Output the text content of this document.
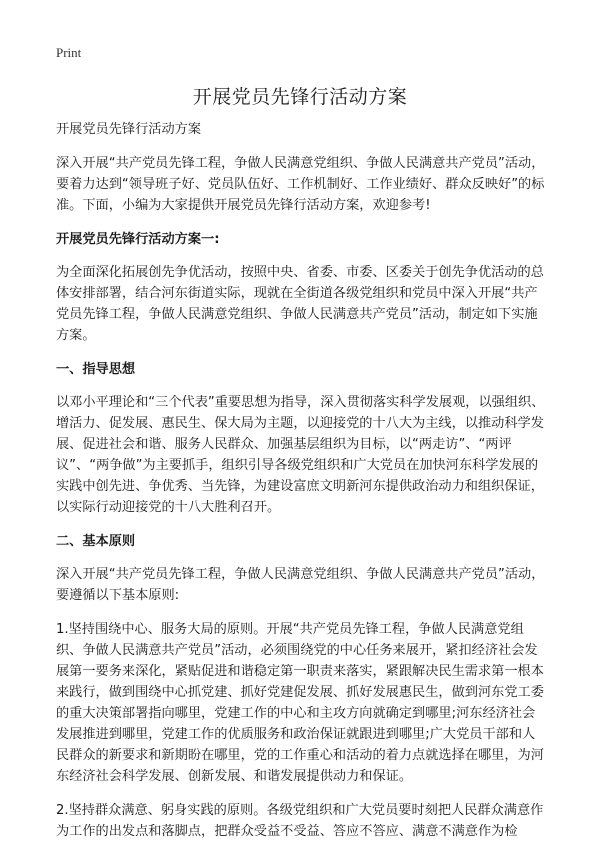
Print
开展党员先锋行活动方案

开展党员先锋行活动方案

深入开展“共产党员先锋工程，争做人民满意党组织、争做人民满意共产党员”活动，要着力达到“领导班子好、党员队伍好、工作机制好、工作业绩好、群众反映好”的标准。下面，小编为大家提供开展党员先锋行活动方案，欢迎参考!

开展党员先锋行活动方案一:

为全面深化拓展创先争优活动，按照中央、省委、市委、区委关于创先争优活动的总体安排部署，结合河东街道实际，现就在全街道各级党组织和党员中深入开展“共产党员先锋工程，争做人民满意党组织、争做人民满意共产党员”活动，制定如下实施方案。

一、指导思想

以邓小平理论和“三个代表”重要思想为指导，深入贯彻落实科学发展观，以强组织、增活力、促发展、惠民生、保大局为主题，以迎接党的十八大为主线，以推动科学发展、促进社会和谐、服务人民群众、加强基层组织为目标，以“两走访”、“两评议”、“两争做”为主要抓手，组织引导各级党组织和广大党员在加快河东科学发展的实践中创先进、争优秀、当先锋，为建设富庶文明新河东提供政治动力和组织保证，以实际行动迎接党的十八大胜利召开。

二、基本原则

深入开展“共产党员先锋工程，争做人民满意党组织、争做人民满意共产党员”活动，要遵循以下基本原则:

1.坚持围绕中心、服务大局的原则。开展“共产党员先锋工程，争做人民满意党组织、争做人民满意共产党员”活动，必须围绕党的中心任务来展开，紧扣经济社会发展第一要务来深化，紧贴促进和谐稳定第一职责来落实，紧跟解决民生需求第一根本来践行，做到围绕中心抓党建、抓好党建促发展、抓好发展惠民生，做到河东党工委的重大决策部署指向哪里，党建工作的中心和主攻方向就确定到哪里;河东经济社会发展推进到哪里，党建工作的优质服务和政治保证就跟进到哪里;广大党员干部和人民群众的新要求和新期盼在哪里，党的工作重心和活动的着力点就选择在哪里，为河东经济社会科学发展、创新发展、和谐发展提供动力和保证。

2.坚持群众满意、躬身实践的原则。各级党组织和广大党员要时刻把人民群众满意作为工作的出发点和落脚点，把群众受益不受益、答应不答应、满意不满意作为检
